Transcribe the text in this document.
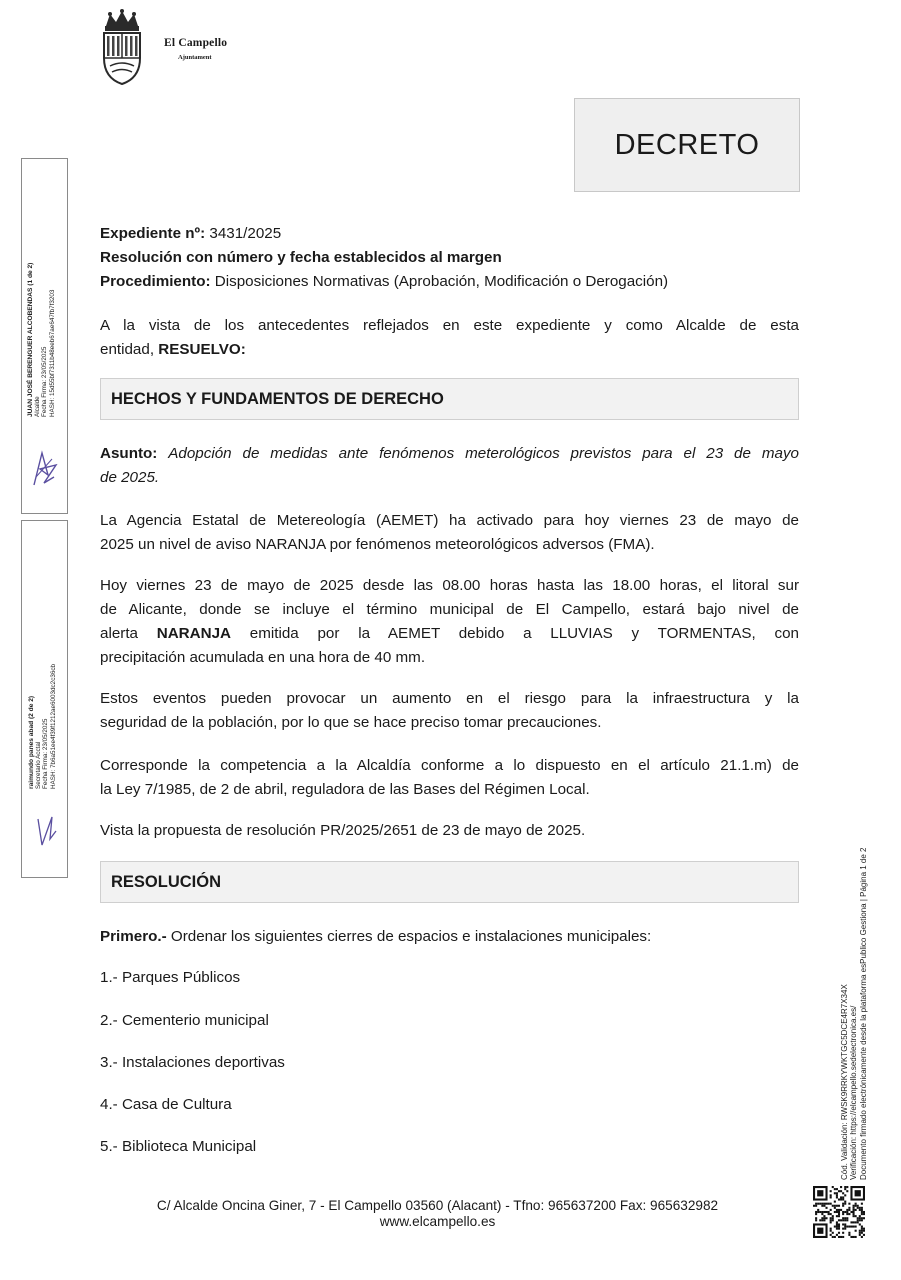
El Campello
Ajuntament
DECRETO
JUAN JOSÉ BERENGUER ALCOBENDAS (1 de 2) Alcalde Fecha Firma: 23/05/2025 HASH: 15d55bf7311b48eeb67ae647fb7f3203
raimundo panes abad (2 de 2) Secretario Acctal Fecha Firma: 23/05/2025 HASH: 7b6a51ee4f39f1212ae6003dc2c36cb
Expediente nº: 3431/2025
Resolución con número y fecha establecidos al margen
Procedimiento: Disposiciones Normativas (Aprobación, Modificación o Derogación)
A la vista de los antecedentes reflejados en este expediente y como Alcalde de esta
entidad, RESUELVO:
HECHOS Y FUNDAMENTOS DE DERECHO
Asunto: Adopción de medidas ante fenómenos meterológicos previstos para el 23 de mayo
de 2025.
La Agencia Estatal de Metereología (AEMET) ha activado para hoy viernes 23 de mayo de
2025 un nivel de aviso NARANJA por fenómenos meteorológicos adversos (FMA).
Hoy viernes 23 de mayo de 2025 desde las 08.00 horas hasta las 18.00 horas, el litoral sur
de Alicante, donde se incluye el término municipal de El Campello, estará bajo nivel de
alerta NARANJA emitida por la AEMET debido a LLUVIAS y TORMENTAS, con
precipitación acumulada en una hora de 40 mm.
Estos eventos pueden provocar un aumento en el riesgo para la infraestructura y la
seguridad de la población, por lo que se hace preciso tomar precauciones.
Corresponde la competencia a la Alcaldía conforme a lo dispuesto en el artículo 21.1.m) de
la Ley 7/1985, de 2 de abril, reguladora de las Bases del Régimen Local.
Vista la propuesta de resolución PR/2025/2651 de 23 de mayo de 2025.
RESOLUCIÓN
Primero.- Ordenar los siguientes cierres de espacios e instalaciones municipales:
1.- Parques Públicos
2.- Cementerio municipal
3.- Instalaciones deportivas
4.- Casa de Cultura
5.- Biblioteca Municipal	Cód. Validación: RWSK9RRKYWKTGC5DCE4R7X34X Verificación: https://elcampello.sedelectronica.es/ Documento firmado electrónicamente desde la plataforma esPublico Gestiona | Página 1 de 2
C/ Alcalde Oncina Giner, 7 - El Campello 03560 (Alacant) - Tfno: 965637200 Fax: 965632982
www.elcampello.es
